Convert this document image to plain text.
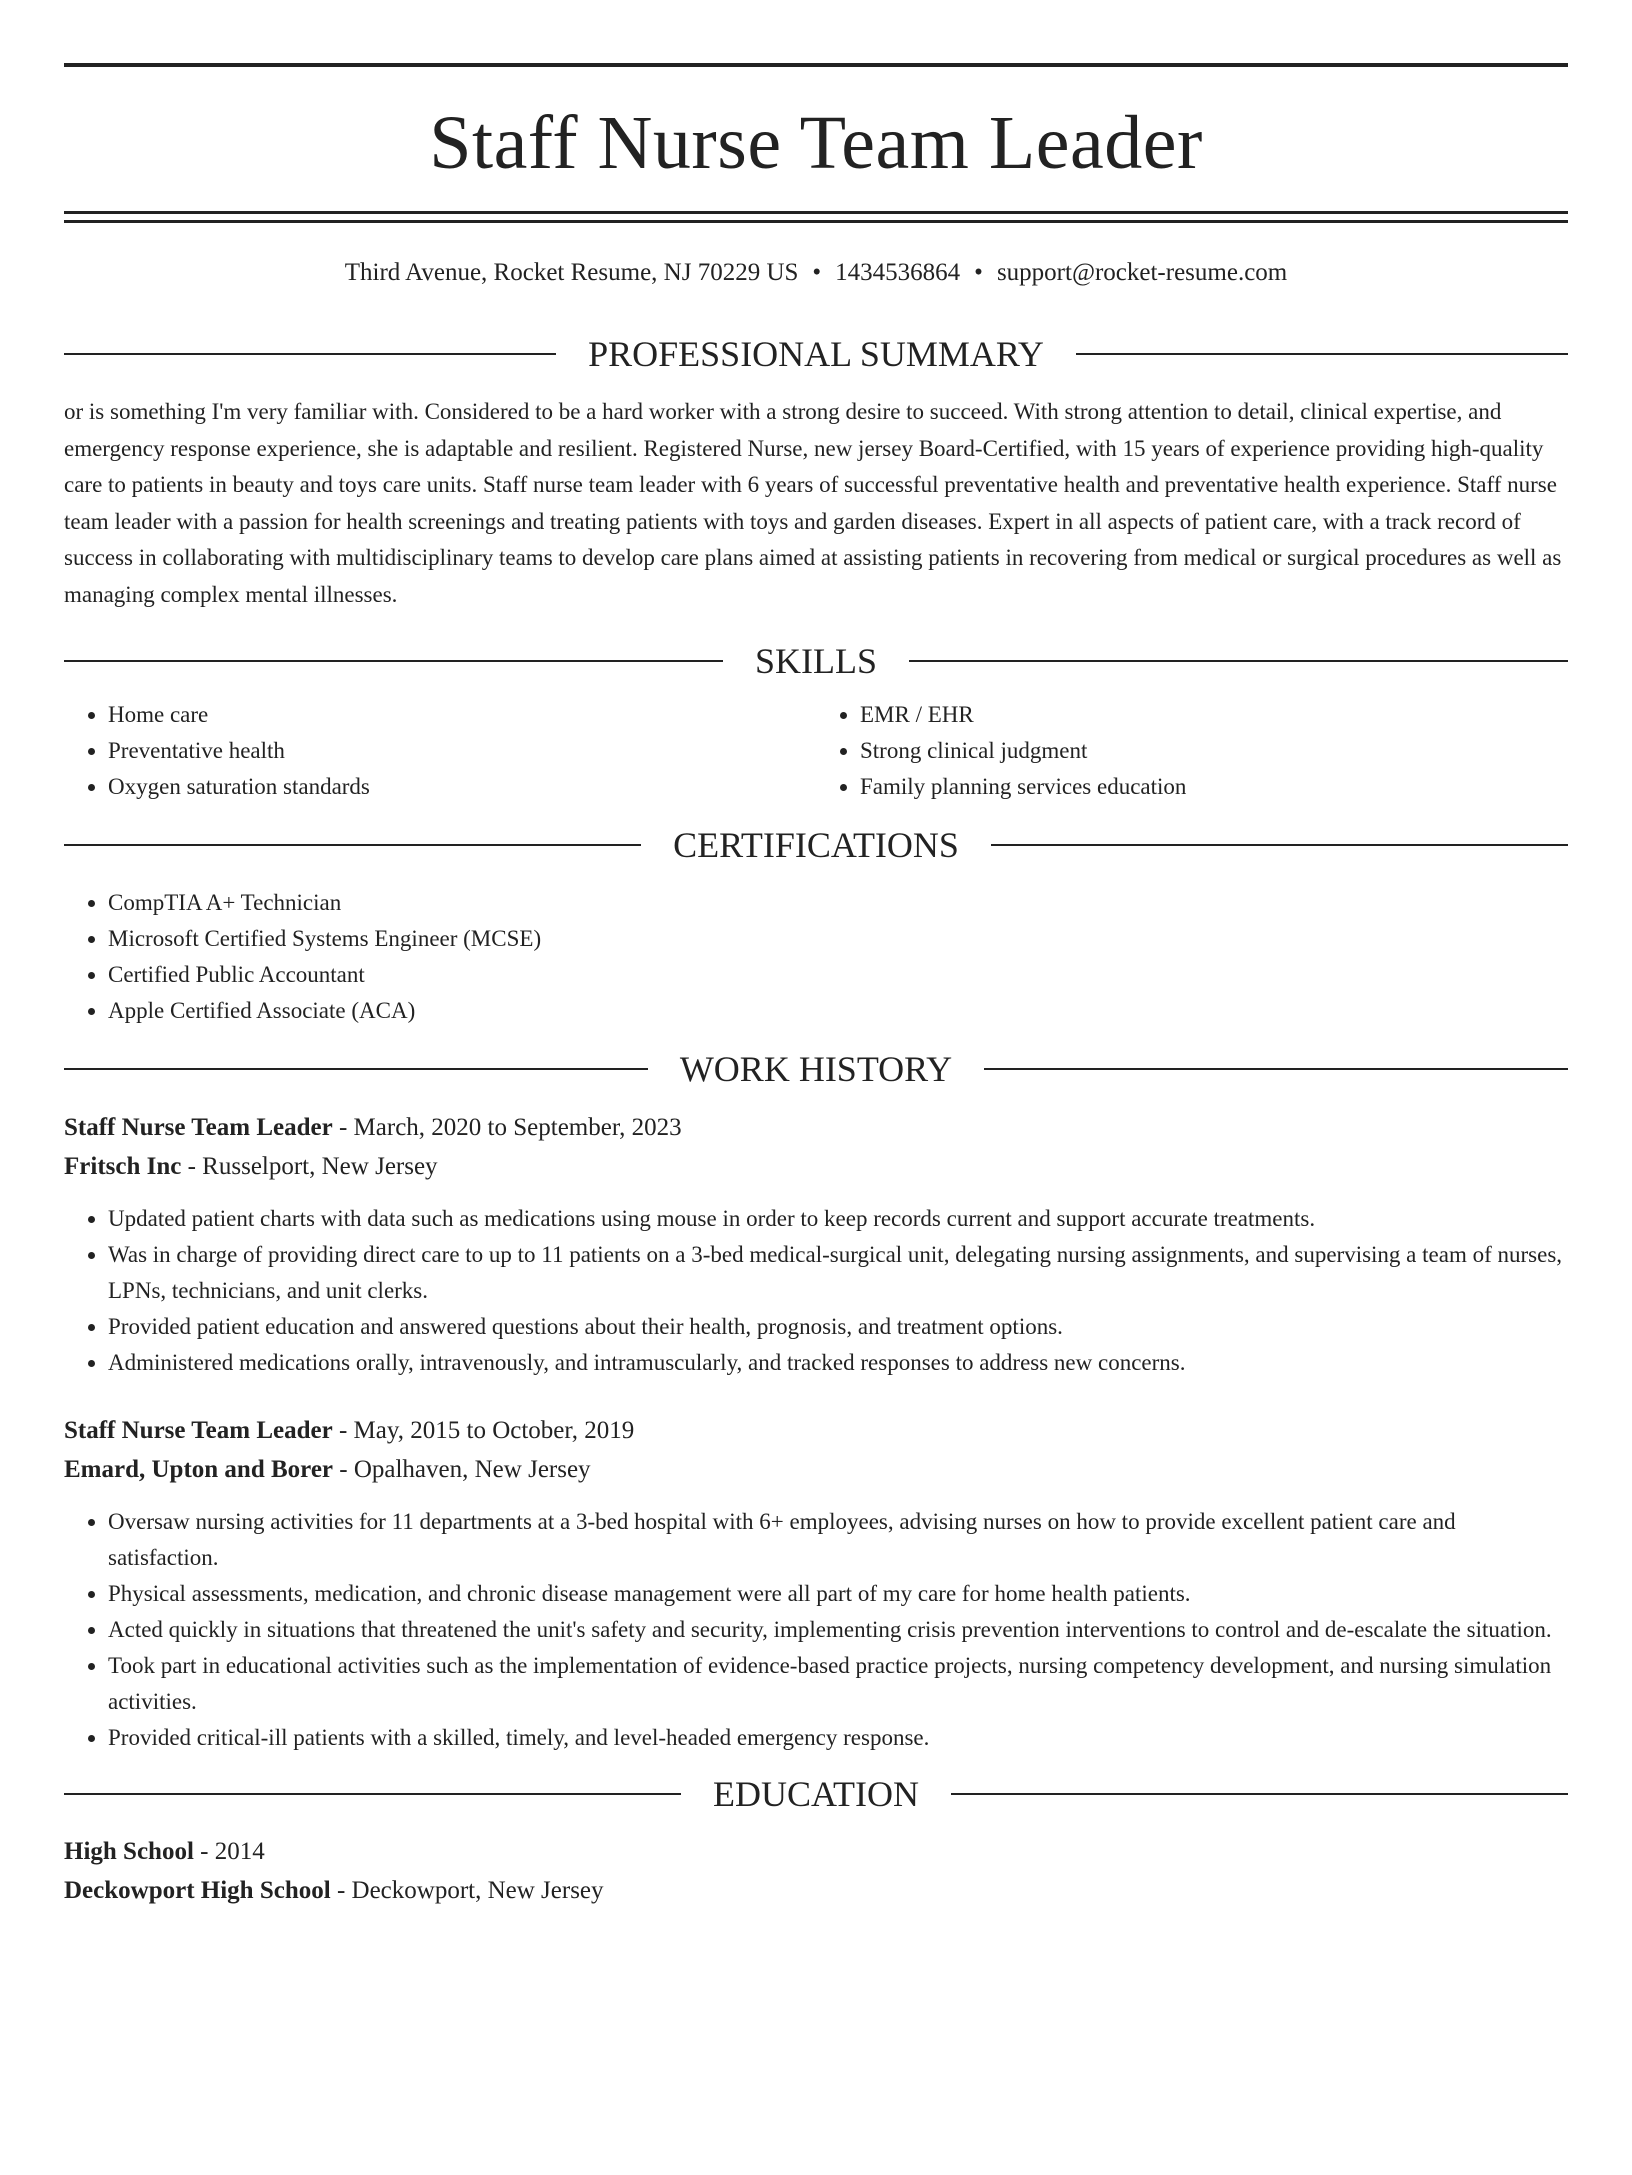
Staff Nurse Team Leader
Third Avenue, Rocket Resume, NJ 70229 US • 1434536864 • support@rocket-resume.com
PROFESSIONAL SUMMARY
or is something I'm very familiar with. Considered to be a hard worker with a strong desire to succeed. With strong attention to detail, clinical expertise, and emergency response experience, she is adaptable and resilient. Registered Nurse, new jersey Board-Certified, with 15 years of experience providing high-quality care to patients in beauty and toys care units. Staff nurse team leader with 6 years of successful preventative health and preventative health experience. Staff nurse team leader with a passion for health screenings and treating patients with toys and garden diseases. Expert in all aspects of patient care, with a track record of success in collaborating with multidisciplinary teams to develop care plans aimed at assisting patients in recovering from medical or surgical procedures as well as managing complex mental illnesses.
SKILLS
• Home care
• Preventative health
• Oxygen saturation standards
• EMR / EHR
• Strong clinical judgment
• Family planning services education
CERTIFICATIONS
• CompTIA A+ Technician
• Microsoft Certified Systems Engineer (MCSE)
• Certified Public Accountant
• Apple Certified Associate (ACA)
WORK HISTORY
Staff Nurse Team Leader - March, 2020 to September, 2023
Fritsch Inc - Russelport, New Jersey
• Updated patient charts with data such as medications using mouse in order to keep records current and support accurate treatments.
• Was in charge of providing direct care to up to 11 patients on a 3-bed medical-surgical unit, delegating nursing assignments, and supervising a team of nurses, LPNs, technicians, and unit clerks.
• Provided patient education and answered questions about their health, prognosis, and treatment options.
• Administered medications orally, intravenously, and intramuscularly, and tracked responses to address new concerns.
Staff Nurse Team Leader - May, 2015 to October, 2019
Emard, Upton and Borer - Opalhaven, New Jersey
• Oversaw nursing activities for 11 departments at a 3-bed hospital with 6+ employees, advising nurses on how to provide excellent patient care and satisfaction.
• Physical assessments, medication, and chronic disease management were all part of my care for home health patients.
• Acted quickly in situations that threatened the unit's safety and security, implementing crisis prevention interventions to control and de-escalate the situation.
• Took part in educational activities such as the implementation of evidence-based practice projects, nursing competency development, and nursing simulation activities.
• Provided critical-ill patients with a skilled, timely, and level-headed emergency response.
EDUCATION
High School - 2014
Deckowport High School - Deckowport, New Jersey
